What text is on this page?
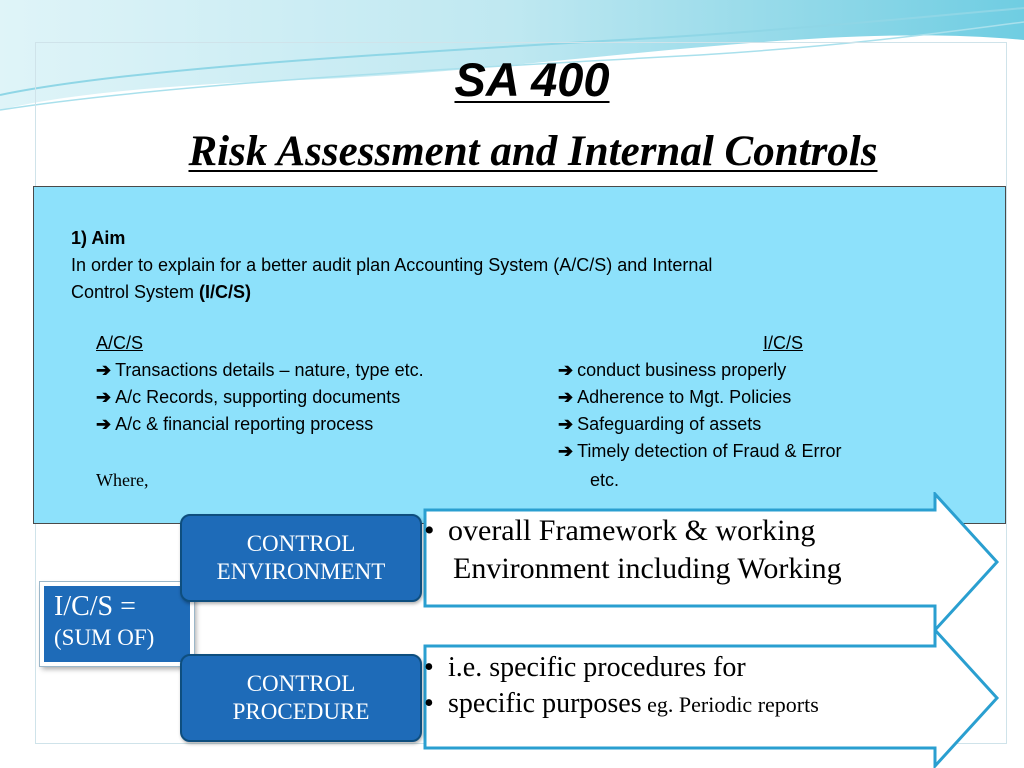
SA 400
Risk Assessment and Internal Controls
1) Aim
In order to explain for a better audit plan Accounting System (A/C/S) and Internal
Control System (I/C/S)
A/C/S
➔ Transactions details – nature, type etc.
➔ A/c Records, supporting documents
➔ A/c & financial reporting process
Where,
I/C/S
➔ conduct business properly
➔ Adherence to Mgt. Policies
➔ Safeguarding of assets
➔ Timely detection of Fraud & Error
etc.
I/C/S =
(SUM OF)
CONTROL
ENVIRONMENT
CONTROL
PROCEDURE
• overall Framework & working
Environment including Working
• i.e. specific procedures for
• specific purposes eg. Periodic reports
